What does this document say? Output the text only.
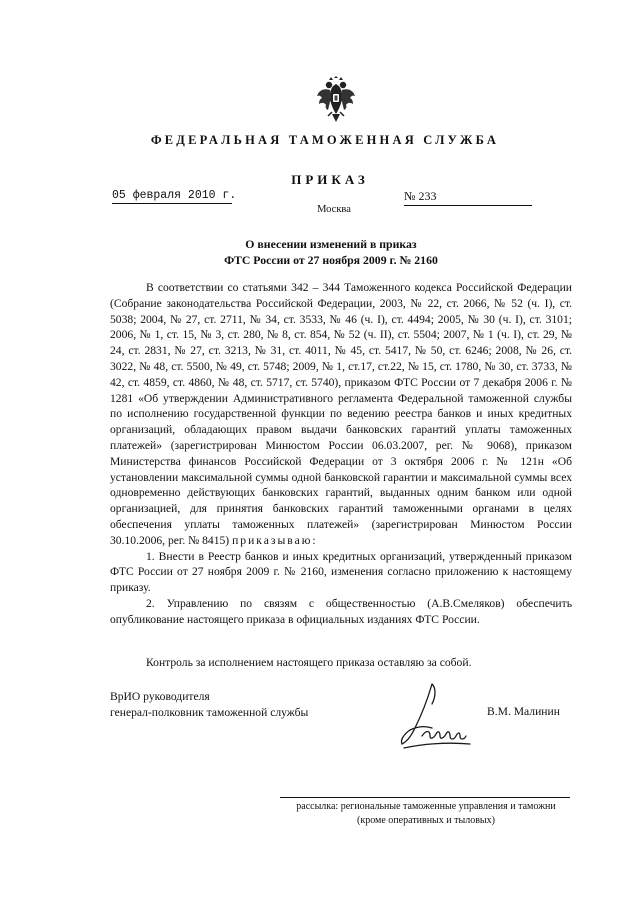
ФЕДЕРАЛЬНАЯ ТАМОЖЕННАЯ СЛУЖБА
ПРИКАЗ
05 февраля 2010 г.	№ 233
Москва
О внесении изменений в приказ
ФТС России от 27 ноября 2009 г. № 2160

В соответствии со статьями 342 – 344 Таможенного кодекса Российской Федерации (Собрание законодательства Российской Федерации, 2003, № 22, ст. 2066, № 52 (ч. I), ст. 5038; 2004, № 27, ст. 2711, № 34, ст. 3533, № 46 (ч. I), ст. 4494; 2005, № 30 (ч. I), ст. 3101; 2006, № 1, ст. 15, № 3, ст. 280, № 8, ст. 854, № 52 (ч. II), ст. 5504; 2007, № 1 (ч. I), ст. 29, № 24, ст. 2831, № 27, ст. 3213, № 31, ст. 4011, № 45, ст. 5417, № 50, ст. 6246; 2008, № 26, ст. 3022, № 48, ст. 5500, № 49, ст. 5748; 2009, № 1, ст.17, ст.22, № 15, ст. 1780, № 30, ст. 3733, № 42, ст. 4859, ст. 4860, № 48, ст. 5717, ст. 5740), приказом ФТС России от 7 декабря 2006 г. № 1281 «Об утверждении Административного регламента Федеральной таможенной службы по исполнению государственной функции по ведению реестра банков и иных кредитных организаций, обладающих правом выдачи банковских гарантий уплаты таможенных платежей» (зарегистрирован Минюстом России 06.03.2007, рег. № 9068), приказом Министерства финансов Российской Федерации от 3 октября 2006 г. № 121н «Об установлении максимальной суммы одной банковской гарантии и максимальной суммы всех одновременно действующих банковских гарантий, выданных одним банком или одной организацией, для принятия банковских гарантий таможенными органами в целях обеспечения уплаты таможенных платежей» (зарегистрирован Минюстом России 30.10.2006, рег. № 8415) приказываю:

1. Внести в Реестр банков и иных кредитных организаций, утвержденный приказом ФТС России от 27 ноября 2009 г. № 2160, изменения согласно приложению к настоящему приказу.

2. Управлению по связям с общественностью (А.В.Смеляков) обеспечить опубликование настоящего приказа в официальных изданиях ФТС России.

Контроль за исполнением настоящего приказа оставляю за собой.
ВрИО руководителя
генерал-полковник таможенной службы	В.М. Малинин
рассылка: региональные таможенные управления и таможни
(кроме оперативных и тыловых)
